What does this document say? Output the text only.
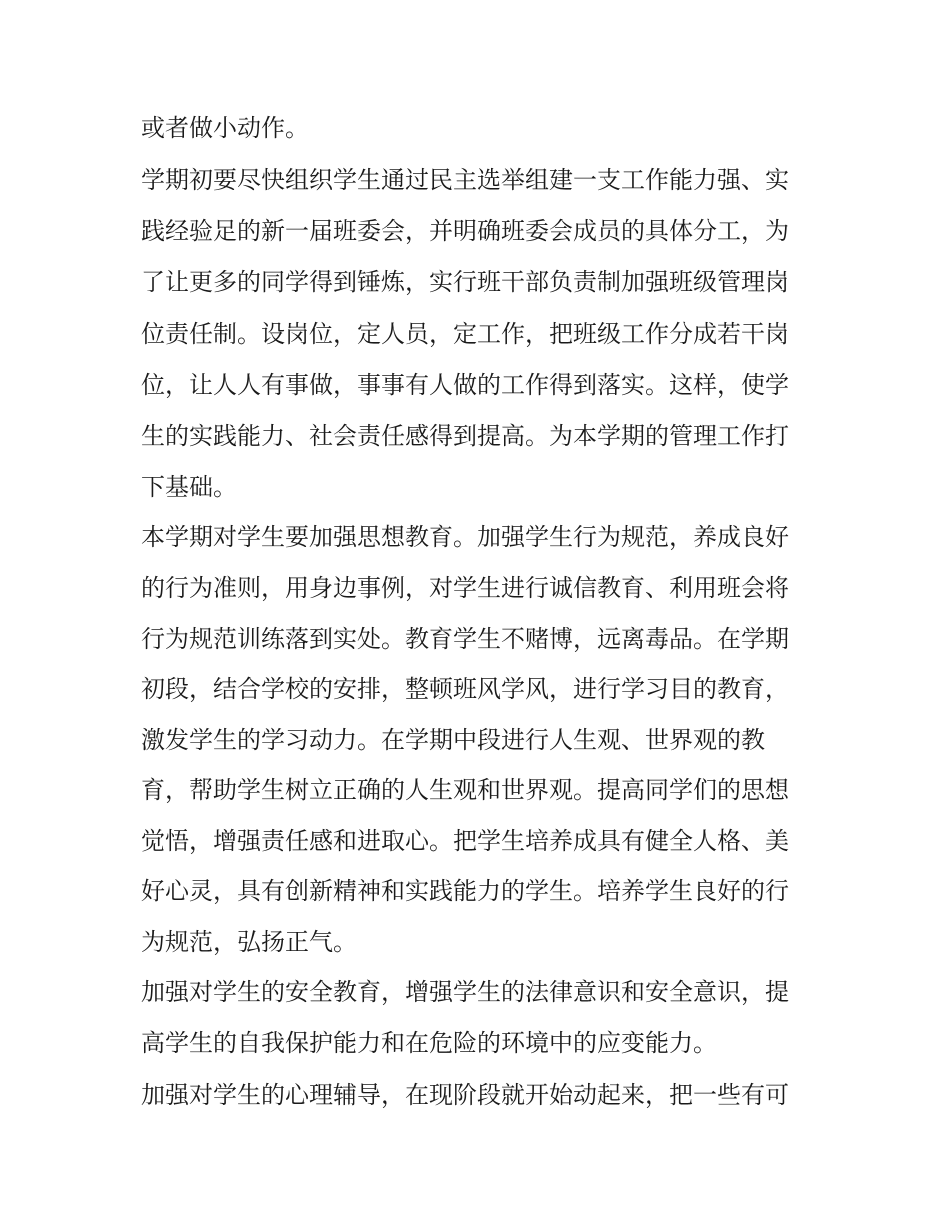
或者做小动作。
学期初要尽快组织学生通过民主选举组建一支工作能力强、实
践经验足的新一届班委会，并明确班委会成员的具体分工，为
了让更多的同学得到锤炼，实行班干部负责制加强班级管理岗
位责任制。设岗位，定人员，定工作，把班级工作分成若干岗
位，让人人有事做，事事有人做的工作得到落实。这样，使学
生的实践能力、社会责任感得到提高。为本学期的管理工作打
下基础。
本学期对学生要加强思想教育。加强学生行为规范，养成良好
的行为准则，用身边事例，对学生进行诚信教育、利用班会将
行为规范训练落到实处。教育学生不赌博，远离毒品。在学期
初段，结合学校的安排，整顿班风学风，进行学习目的教育，
激发学生的学习动力。在学期中段进行人生观、世界观的教
育，帮助学生树立正确的人生观和世界观。提高同学们的思想
觉悟，增强责任感和进取心。把学生培养成具有健全人格、美
好心灵，具有创新精神和实践能力的学生。培养学生良好的行
为规范，弘扬正气。
加强对学生的安全教育，增强学生的法律意识和安全意识，提
高学生的自我保护能力和在危险的环境中的应变能力。
加强对学生的心理辅导，在现阶段就开始动起来，把一些有可
